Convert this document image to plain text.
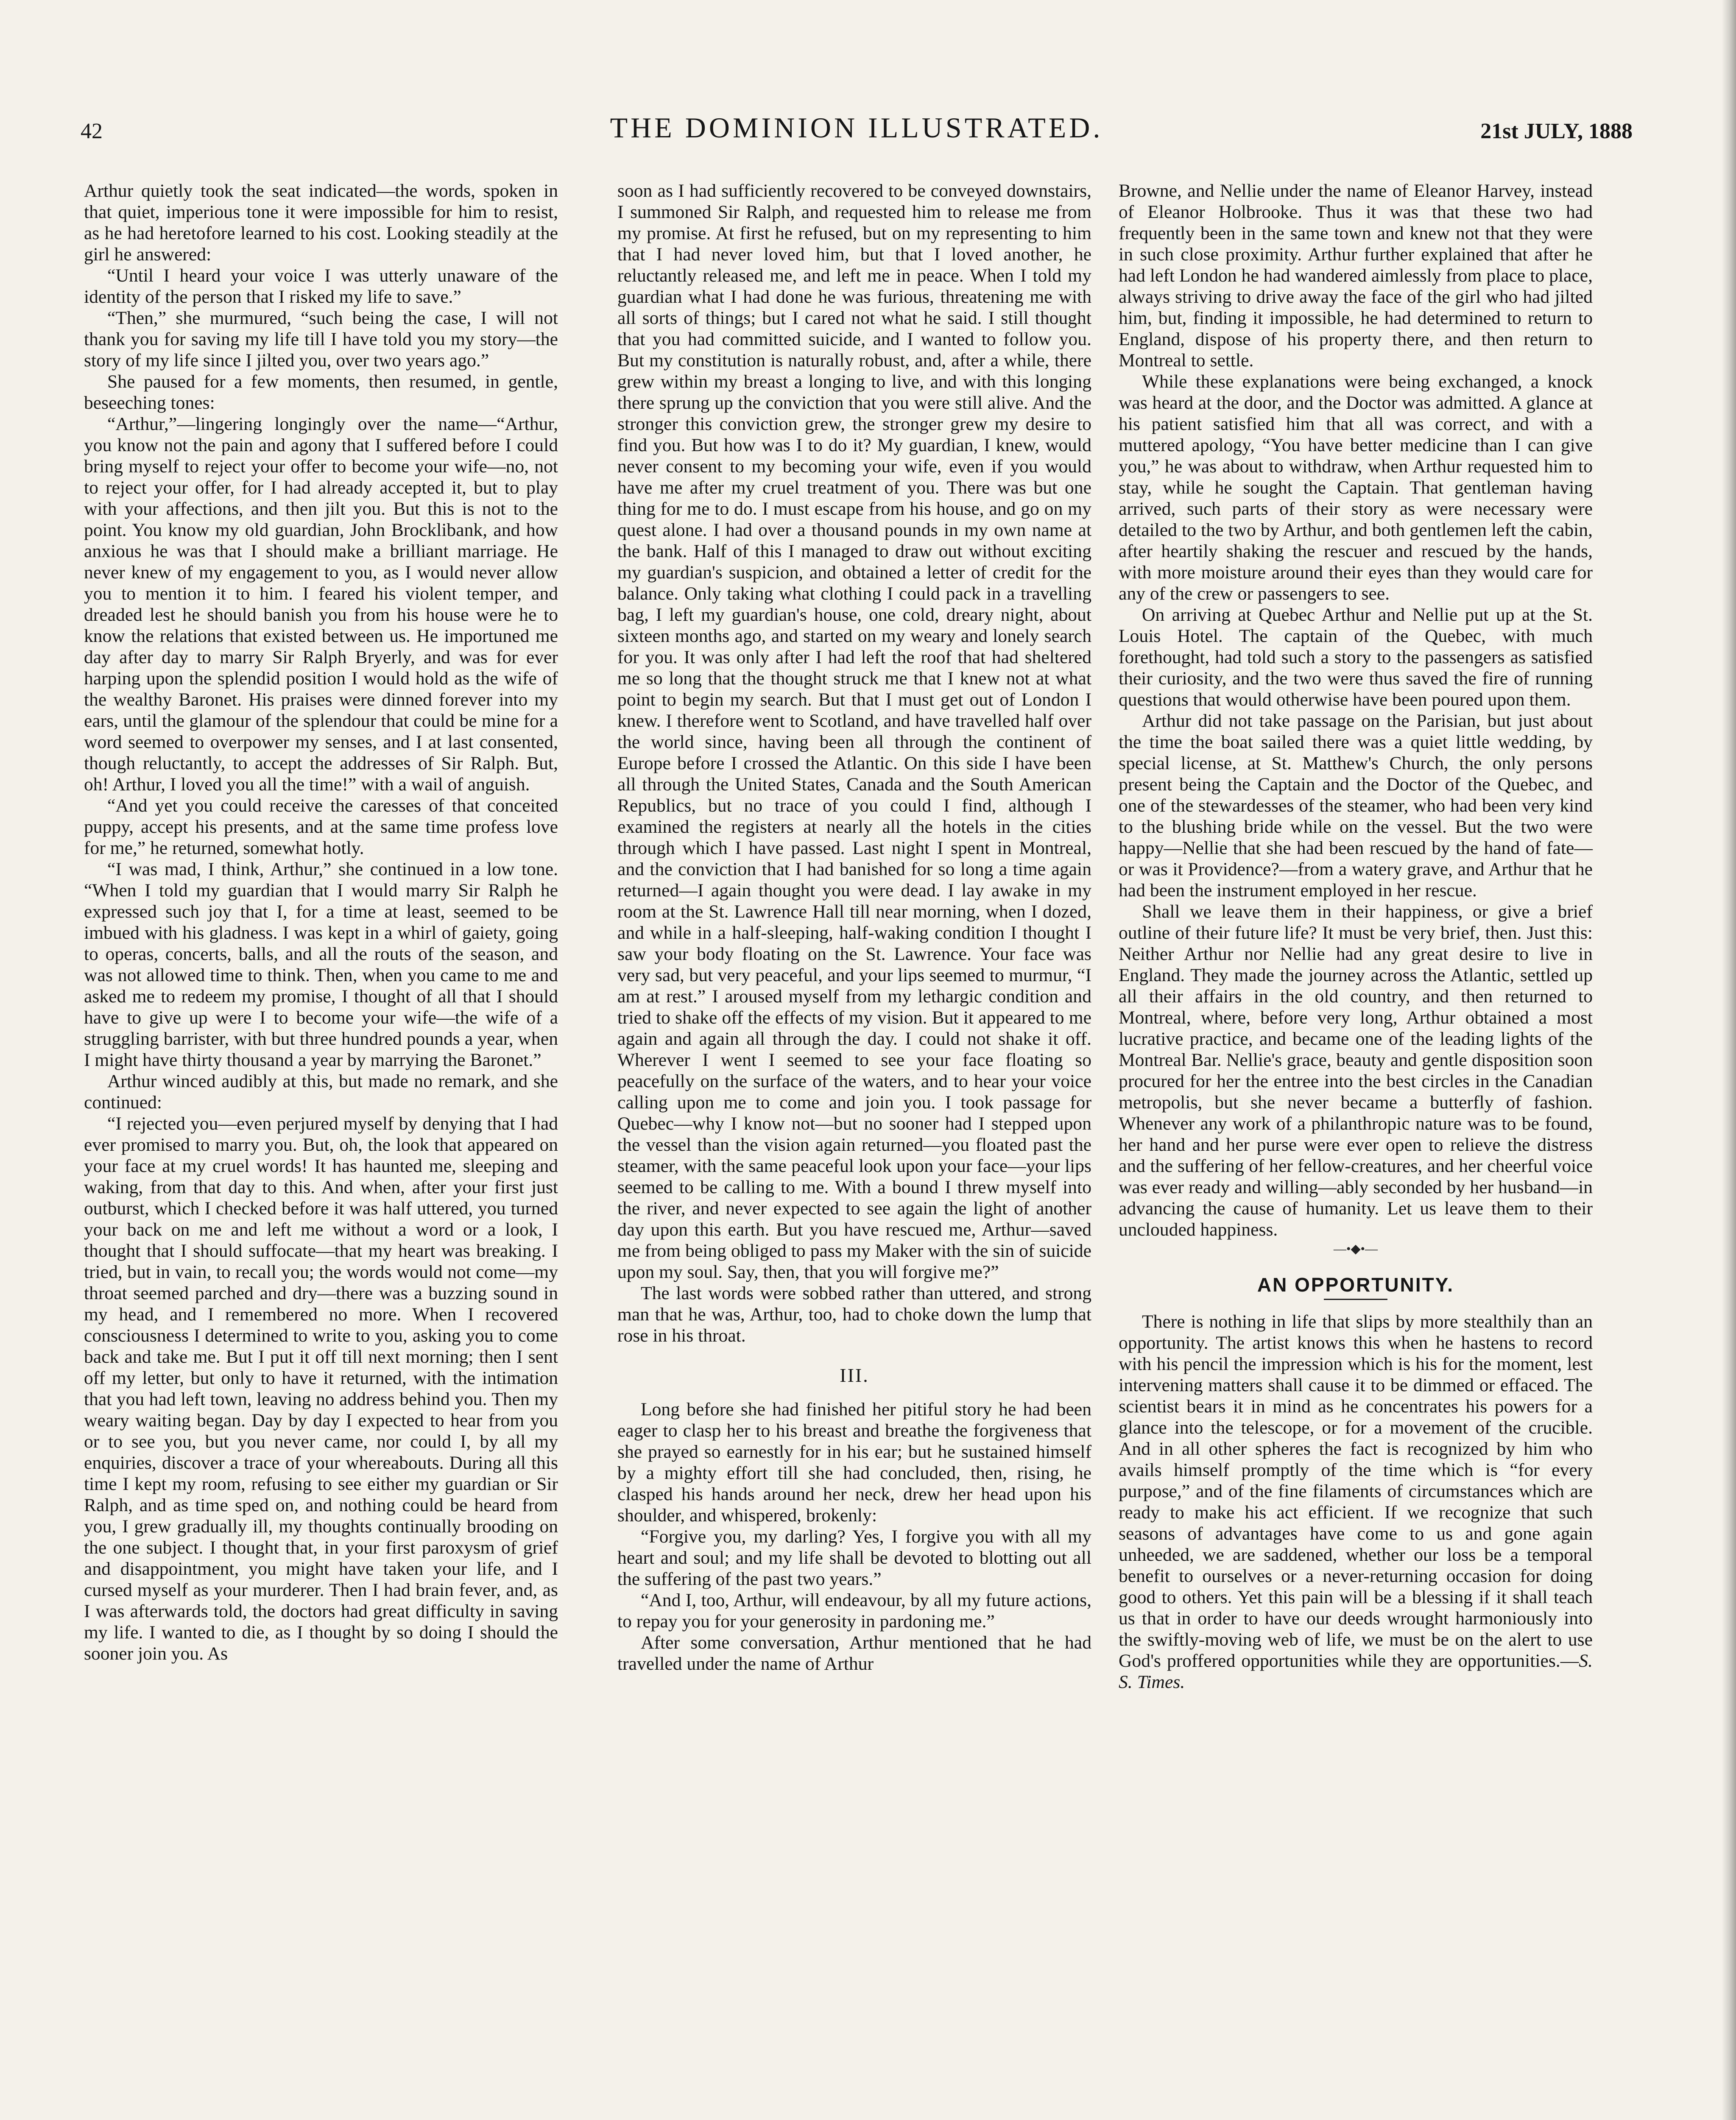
42	THE DOMINION ILLUSTRATED.	21st JULY, 1888

Arthur quietly took the seat indicated—the words, spoken in that quiet, imperious tone it were impossible for him to resist, as he had heretofore learned to his cost. Looking steadily at the girl he answered:

“Until I heard your voice I was utterly unaware of the identity of the person that I risked my life to save.”

“Then,” she murmured, “such being the case, I will not thank you for saving my life till I have told you my story—the story of my life since I jilted you, over two years ago.”

She paused for a few moments, then resumed, in gentle, beseeching tones:

“Arthur,”—lingering longingly over the name—“Arthur, you know not the pain and agony that I suffered before I could bring myself to reject your offer to become your wife—no, not to reject your offer, for I had already accepted it, but to play with your affections, and then jilt you. But this is not to the point. You know my old guardian, John Brocklibank, and how anxious he was that I should make a brilliant marriage. He never knew of my engagement to you, as I would never allow you to mention it to him. I feared his violent temper, and dreaded lest he should banish you from his house were he to know the relations that existed between us. He importuned me day after day to marry Sir Ralph Bryerly, and was for ever harping upon the splendid position I would hold as the wife of the wealthy Baronet. His praises were dinned forever into my ears, until the glamour of the splendour that could be mine for a word seemed to overpower my senses, and I at last consented, though reluctantly, to accept the addresses of Sir Ralph. But, oh! Arthur, I loved you all the time!” with a wail of anguish.

“And yet you could receive the caresses of that conceited puppy, accept his presents, and at the same time profess love for me,” he returned, somewhat hotly.

“I was mad, I think, Arthur,” she continued in a low tone. “When I told my guardian that I would marry Sir Ralph he expressed such joy that I, for a time at least, seemed to be imbued with his gladness. I was kept in a whirl of gaiety, going to operas, concerts, balls, and all the routs of the season, and was not allowed time to think. Then, when you came to me and asked me to redeem my promise, I thought of all that I should have to give up were I to become your wife—the wife of a struggling barrister, with but three hundred pounds a year, when I might have thirty thousand a year by marrying the Baronet.”

Arthur winced audibly at this, but made no remark, and she continued:

“I rejected you—even perjured myself by denying that I had ever promised to marry you. But, oh, the look that appeared on your face at my cruel words! It has haunted me, sleeping and waking, from that day to this. And when, after your first just outburst, which I checked before it was half uttered, you turned your back on me and left me without a word or a look, I thought that I should suffocate—that my heart was breaking. I tried, but in vain, to recall you; the words would not come—my throat seemed parched and dry—there was a buzzing sound in my head, and I remembered no more. When I recovered consciousness I determined to write to you, asking you to come back and take me. But I put it off till next morning; then I sent off my letter, but only to have it returned, with the intimation that you had left town, leaving no address behind you. Then my weary waiting began. Day by day I expected to hear from you or to see you, but you never came, nor could I, by all my enquiries, discover a trace of your whereabouts. During all this time I kept my room, refusing to see either my guardian or Sir Ralph, and as time sped on, and nothing could be heard from you, I grew gradually ill, my thoughts continually brooding on the one subject. I thought that, in your first paroxysm of grief and disappointment, you might have taken your life, and I cursed myself as your murderer. Then I had brain fever, and, as I was afterwards told, the doctors had great difficulty in saving my life. I wanted to die, as I thought by so doing I should the sooner join you. As

soon as I had sufficiently recovered to be conveyed downstairs, I summoned Sir Ralph, and requested him to release me from my promise. At first he refused, but on my representing to him that I had never loved him, but that I loved another, he reluctantly released me, and left me in peace. When I told my guardian what I had done he was furious, threatening me with all sorts of things; but I cared not what he said. I still thought that you had committed suicide, and I wanted to follow you. But my constitution is naturally robust, and, after a while, there grew within my breast a longing to live, and with this longing there sprung up the conviction that you were still alive. And the stronger this conviction grew, the stronger grew my desire to find you. But how was I to do it? My guardian, I knew, would never consent to my becoming your wife, even if you would have me after my cruel treatment of you. There was but one thing for me to do. I must escape from his house, and go on my quest alone. I had over a thousand pounds in my own name at the bank. Half of this I managed to draw out without exciting my guardian's suspicion, and obtained a letter of credit for the balance. Only taking what clothing I could pack in a travelling bag, I left my guardian's house, one cold, dreary night, about sixteen months ago, and started on my weary and lonely search for you. It was only after I had left the roof that had sheltered me so long that the thought struck me that I knew not at what point to begin my search. But that I must get out of London I knew. I therefore went to Scotland, and have travelled half over the world since, having been all through the continent of Europe before I crossed the Atlantic. On this side I have been all through the United States, Canada and the South American Republics, but no trace of you could I find, although I examined the registers at nearly all the hotels in the cities through which I have passed. Last night I spent in Montreal, and the conviction that I had banished for so long a time again returned—I again thought you were dead. I lay awake in my room at the St. Lawrence Hall till near morning, when I dozed, and while in a half-sleeping, half-waking condition I thought I saw your body floating on the St. Lawrence. Your face was very sad, but very peaceful, and your lips seemed to murmur, “I am at rest.” I aroused myself from my lethargic condition and tried to shake off the effects of my vision. But it appeared to me again and again all through the day. I could not shake it off. Wherever I went I seemed to see your face floating so peacefully on the surface of the waters, and to hear your voice calling upon me to come and join you. I took passage for Quebec—why I know not—but no sooner had I stepped upon the vessel than the vision again returned—you floated past the steamer, with the same peaceful look upon your face—your lips seemed to be calling to me. With a bound I threw myself into the river, and never expected to see again the light of another day upon this earth. But you have rescued me, Arthur—saved me from being obliged to pass my Maker with the sin of suicide upon my soul. Say, then, that you will forgive me?”

The last words were sobbed rather than uttered, and strong man that he was, Arthur, too, had to choke down the lump that rose in his throat.

III.

Long before she had finished her pitiful story he had been eager to clasp her to his breast and breathe the forgiveness that she prayed so earnestly for in his ear; but he sustained himself by a mighty effort till she had concluded, then, rising, he clasped his hands around her neck, drew her head upon his shoulder, and whispered, brokenly:

“Forgive you, my darling? Yes, I forgive you with all my heart and soul; and my life shall be devoted to blotting out all the suffering of the past two years.”

“And I, too, Arthur, will endeavour, by all my future actions, to repay you for your generosity in pardoning me.”

After some conversation, Arthur mentioned that he had travelled under the name of Arthur

Browne, and Nellie under the name of Eleanor Harvey, instead of Eleanor Holbrooke. Thus it was that these two had frequently been in the same town and knew not that they were in such close proximity. Arthur further explained that after he had left London he had wandered aimlessly from place to place, always striving to drive away the face of the girl who had jilted him, but, finding it impossible, he had determined to return to England, dispose of his property there, and then return to Montreal to settle.

While these explanations were being exchanged, a knock was heard at the door, and the Doctor was admitted. A glance at his patient satisfied him that all was correct, and with a muttered apology, “You have better medicine than I can give you,” he was about to withdraw, when Arthur requested him to stay, while he sought the Captain. That gentleman having arrived, such parts of their story as were necessary were detailed to the two by Arthur, and both gentlemen left the cabin, after heartily shaking the rescuer and rescued by the hands, with more moisture around their eyes than they would care for any of the crew or passengers to see.

On arriving at Quebec Arthur and Nellie put up at the St. Louis Hotel. The captain of the Quebec, with much forethought, had told such a story to the passengers as satisfied their curiosity, and the two were thus saved the fire of running questions that would otherwise have been poured upon them.

Arthur did not take passage on the Parisian, but just about the time the boat sailed there was a quiet little wedding, by special license, at St. Matthew's Church, the only persons present being the Captain and the Doctor of the Quebec, and one of the stewardesses of the steamer, who had been very kind to the blushing bride while on the vessel. But the two were happy—Nellie that she had been rescued by the hand of fate—or was it Providence?—from a watery grave, and Arthur that he had been the instrument employed in her rescue.

Shall we leave them in their happiness, or give a brief outline of their future life? It must be very brief, then. Just this: Neither Arthur nor Nellie had any great desire to live in England. They made the journey across the Atlantic, settled up all their affairs in the old country, and then returned to Montreal, where, before very long, Arthur obtained a most lucrative practice, and became one of the leading lights of the Montreal Bar. Nellie's grace, beauty and gentle disposition soon procured for her the entree into the best circles in the Canadian metropolis, but she never became a butterfly of fashion. Whenever any work of a philanthropic nature was to be found, her hand and her purse were ever open to relieve the distress and the suffering of her fellow-creatures, and her cheerful voice was ever ready and willing—ably seconded by her husband—in advancing the cause of humanity. Let us leave them to their unclouded happiness.

—•◆•—
AN OPPORTUNITY.

There is nothing in life that slips by more stealthily than an opportunity. The artist knows this when he hastens to record with his pencil the impression which is his for the moment, lest intervening matters shall cause it to be dimmed or effaced. The scientist bears it in mind as he concentrates his powers for a glance into the telescope, or for a movement of the crucible. And in all other spheres the fact is recognized by him who avails himself promptly of the time which is “for every purpose,” and of the fine filaments of circumstances which are ready to make his act efficient. If we recognize that such seasons of advantages have come to us and gone again unheeded, we are saddened, whether our loss be a temporal benefit to ourselves or a never-returning occasion for doing good to others. Yet this pain will be a blessing if it shall teach us that in order to have our deeds wrought harmoniously into the swiftly-moving web of life, we must be on the alert to use God's proffered opportunities while they are opportunities.—S. S. Times.
